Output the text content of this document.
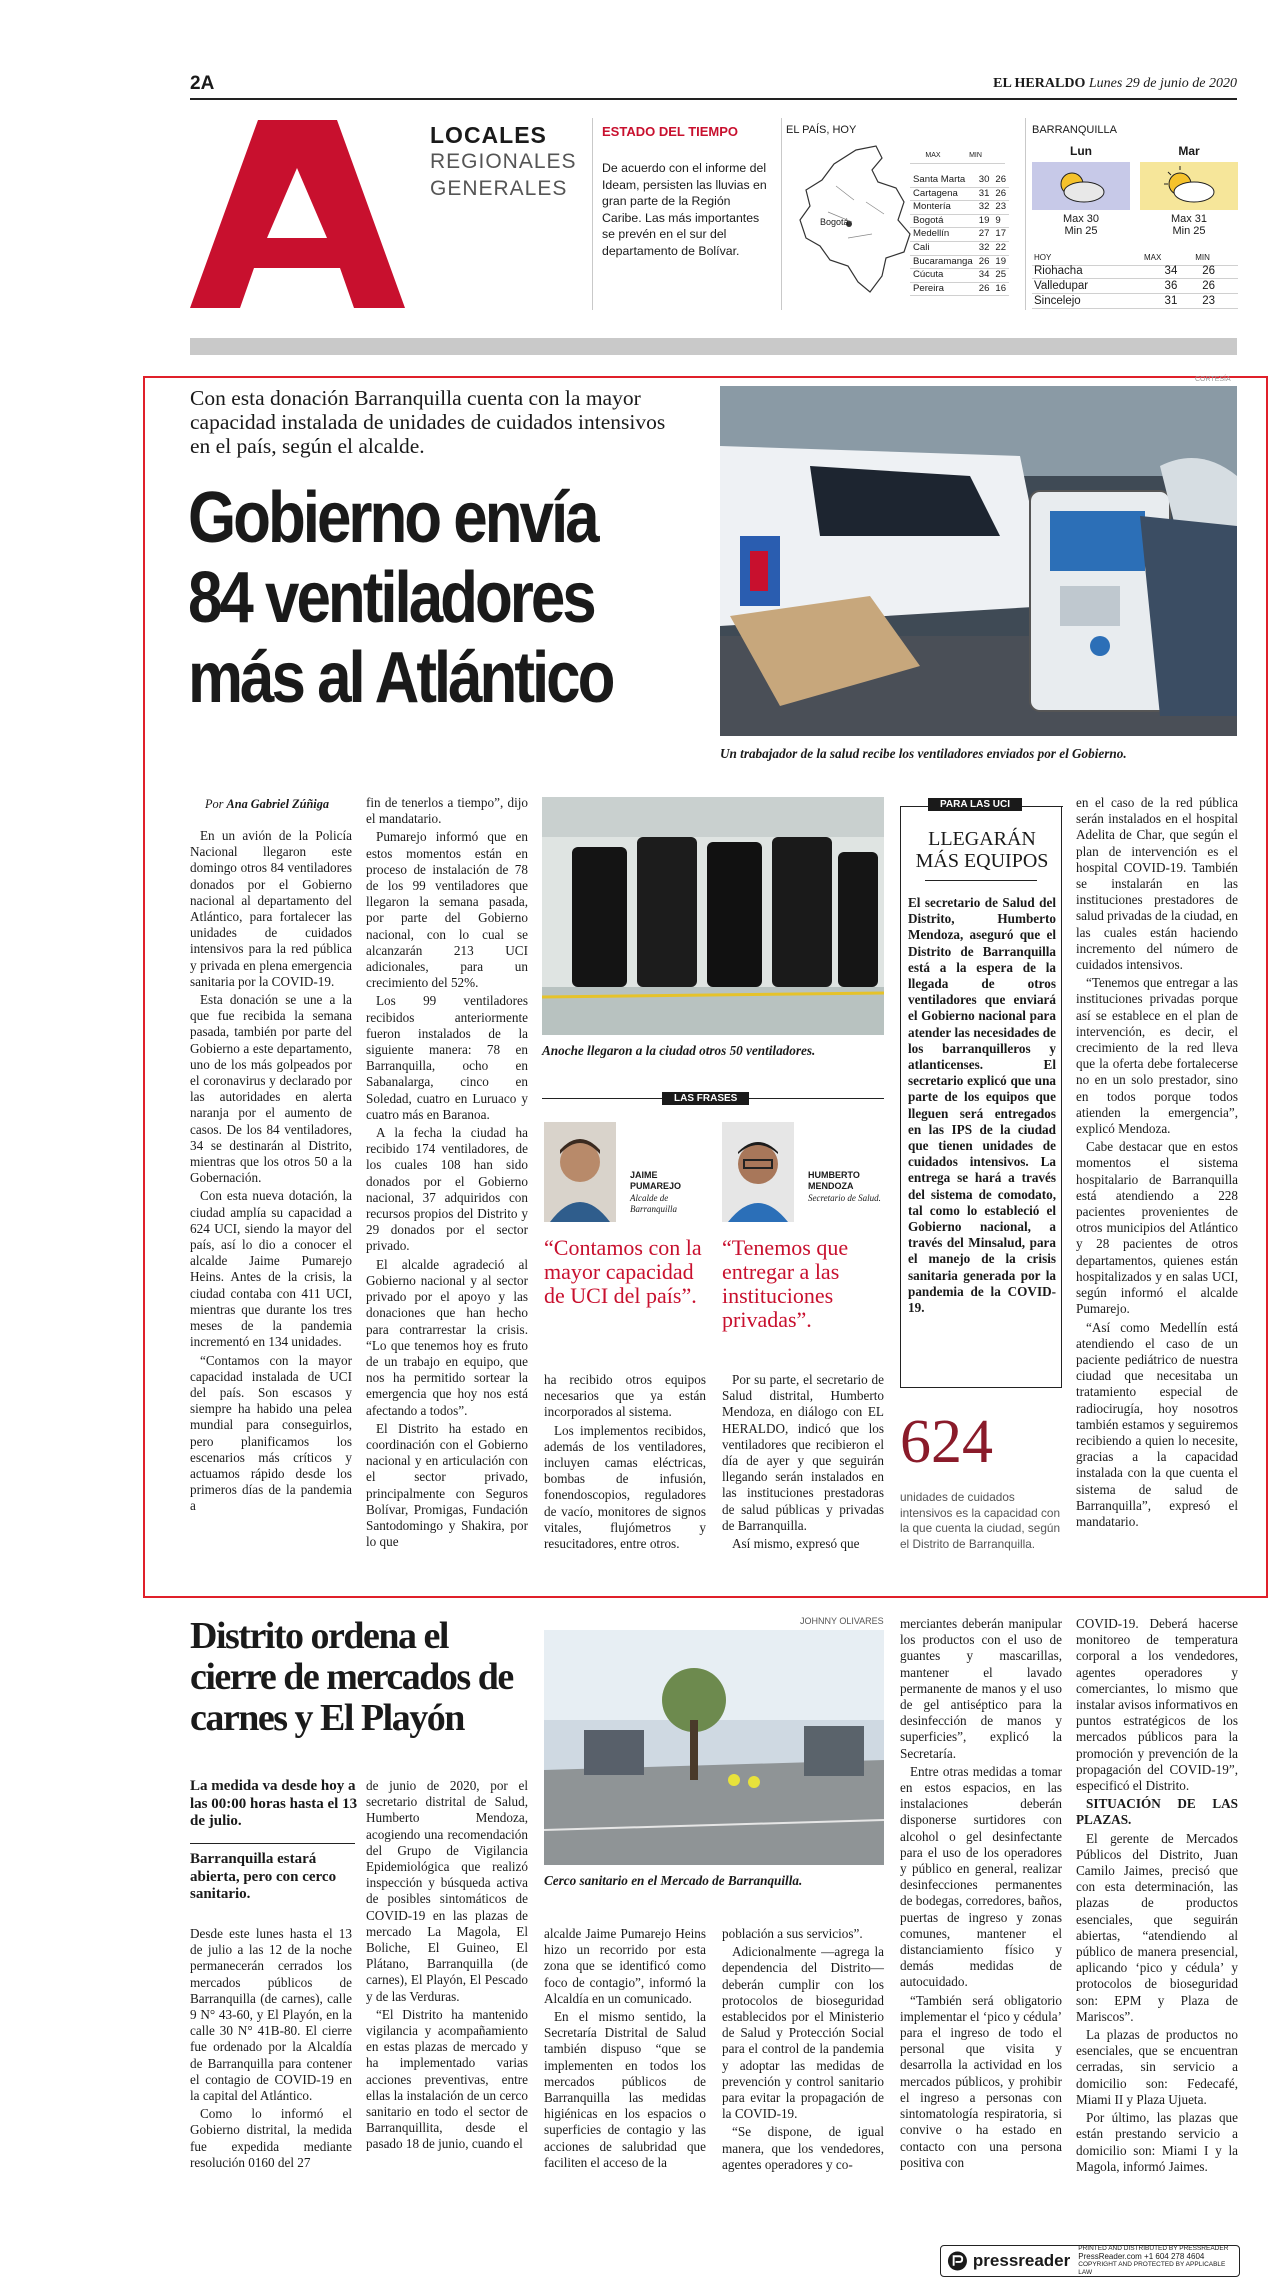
2A	EL HERALDO Lunes 29 de junio de 2020
LOCALES
REGIONALES
GENERALES
ESTADO DEL TIEMPO
De acuerdo con el informe del Ideam, persisten las lluvias en gran parte de la Región Caribe. Las más importantes se prevén en el sur del departamento de Bolívar.
EL PAÍS, HOY
Bogotá
	MAX	MIN
Santa Marta	30	26
Cartagena	31	26
Montería	32	23
Bogotá	19	9
Medellín	27	17
Cali	32	22
Bucaramanga	26	19
Cúcuta	34	25
Pereira	26	16
BARRANQUILLA
Lun
Max 30
Min 25
Mar
Max 31
Min 25
HOY	MAX	MIN
Riohacha	34	26
Valledupar	36	26
Sincelejo	31	23
Con esta donación Barranquilla cuenta con la mayor capacidad instalada de unidades de cuidados intensivos en el país, según el alcalde.
Gobierno envía
84 ventiladores
más al Atlántico
CORTESÍA
Un trabajador de la salud recibe los ventiladores enviados por el Gobierno.
Por Ana Gabriel Zúñiga

En un avión de la Policía Nacional llegaron este domingo otros 84 ventiladores donados por el Gobierno nacional al departamento del Atlántico, para fortalecer las unidades de cuidados intensivos para la red pública y privada en plena emergencia sanitaria por la COVID-19.

Esta donación se une a la que fue recibida la semana pasada, también por parte del Gobierno a este departamento, uno de los más golpeados por el coronavirus y declarado por las autoridades en alerta naranja por el aumento de casos. De los 84 ventiladores, 34 se destinarán al Distrito, mientras que los otros 50 a la Gobernación.

Con esta nueva dotación, la ciudad amplía su capacidad a 624 UCI, siendo la mayor del país, así lo dio a conocer el alcalde Jaime Pumarejo Heins. Antes de la crisis, la ciudad contaba con 411 UCI, mientras que durante los tres meses de la pandemia incrementó en 134 unidades.

“Contamos con la mayor capacidad instalada de UCI del país. Son escasos y siempre ha habido una pelea mundial para conseguirlos, pero planificamos los escenarios más críticos y actuamos rápido desde los primeros días de la pandemia a

fin de tenerlos a tiempo”, dijo el mandatario.

Pumarejo informó que en estos momentos están en proceso de instalación de 78 de los 99 ventiladores que llegaron la semana pasada, por parte del Gobierno nacional, con lo cual se alcanzarán 213 UCI adicionales, para un crecimiento del 52%.

Los 99 ventiladores recibidos anteriormente fueron instalados de la siguiente manera: 78 en Barranquilla, ocho en Sabanalarga, cinco en Soledad, cuatro en Luruaco y cuatro más en Baranoa.

A la fecha la ciudad ha recibido 174 ventiladores, de los cuales 108 han sido donados por el Gobierno nacional, 37 adquiridos con recursos propios del Distrito y 29 donados por el sector privado.

El alcalde agradeció al Gobierno nacional y al sector privado por el apoyo y las donaciones que han hecho para contrarrestar la crisis. “Lo que tenemos hoy es fruto de un trabajo en equipo, que nos ha permitido sortear la emergencia que hoy nos está afectando a todos”.

El Distrito ha estado en coordinación con el Gobierno nacional y en articulación con el sector privado, principalmente con Seguros Bolívar, Promigas, Fundación Santodomingo y Shakira, por lo que

Anoche llegaron a la ciudad otros 50 ventiladores.
LAS FRASES
JAIME PUMAREJO
Alcalde de Barranquilla
“Contamos con la mayor capacidad de UCI del país”.
HUMBERTO MENDOZA
Secretario de Salud.
“Tenemos que entregar a las instituciones privadas”.

ha recibido otros equipos necesarios que ya están incorporados al sistema.

Los implementos recibidos, además de los ventiladores, incluyen camas eléctricas, bombas de infusión, fonendoscopios, reguladores de vacío, monitores de signos vitales, flujómetros y resucitadores, entre otros.

Por su parte, el secretario de Salud distrital, Humberto Mendoza, en diálogo con EL HERALDO, indicó que los ventiladores que recibieron el día de ayer y que seguirán llegando serán instalados en las instituciones prestadoras de salud públicas y privadas de Barranquilla.

Así mismo, expresó que

PARA LAS UCI
LLEGARÁN MÁS EQUIPOS
El secretario de Salud del Distrito, Humberto Mendoza, aseguró que el Distrito de Barranquilla está a la espera de la llegada de otros ventiladores que enviará el Gobierno nacional para atender las necesidades de los barranquilleros y atlanticenses. El secretario explicó que una parte de los equipos que lleguen será entregados en las IPS de la ciudad que tienen unidades de cuidados intensivos. La entrega se hará a través del sistema de comodato, tal como lo estableció el Gobierno nacional, a través del Minsalud, para el manejo de la crisis sanitaria generada por la pandemia de la COVID-19.
624
unidades de cuidados intensivos es la capacidad con la que cuenta la ciudad, según el Distrito de Barranquilla.

en el caso de la red pública serán instalados en el hospital Adelita de Char, que según el plan de intervención es el hospital COVID-19. También se instalarán en las instituciones prestadores de salud privadas de la ciudad, en las cuales están haciendo incremento del número de cuidados intensivos.

“Tenemos que entregar a las instituciones privadas porque así se establece en el plan de intervención, es decir, el crecimiento de la red lleva que la oferta debe fortalecerse no en un solo prestador, sino en todos porque todos atienden la emergencia”, explicó Mendoza.

Cabe destacar que en estos momentos el sistema hospitalario de Barranquilla está atendiendo a 228 pacientes provenientes de otros municipios del Atlántico y 28 pacientes de otros departamentos, quienes están hospitalizados y en salas UCI, según informó el alcalde Pumarejo.

“Así como Medellín está atendiendo el caso de un paciente pediátrico de nuestra ciudad que necesitaba un tratamiento especial de radiocirugía, hoy nosotros también estamos y seguiremos recibiendo a quien lo necesite, gracias a la capacidad instalada con la que cuenta el sistema de salud de Barranquilla”, expresó el mandatario.

Distrito ordena el cierre de mercados de carnes y El Playón
La medida va desde hoy a las 00:00 horas hasta el 13 de julio.
Barranquilla estará abierta, pero con cerco sanitario.

Desde este lunes hasta el 13 de julio a las 12 de la noche permanecerán cerrados los mercados públicos de Barranquilla (de carnes), calle 9 N° 43-60, y El Playón, en la calle 30 N° 41B-80. El cierre fue ordenado por la Alcaldía de Barranquilla para contener el contagio de COVID-19 en la capital del Atlántico.

Como lo informó el Gobierno distrital, la medida fue expedida mediante resolución 0160 del 27

de junio de 2020, por el secretario distrital de Salud, Humberto Mendoza, acogiendo una recomendación del Grupo de Vigilancia Epidemiológica que realizó inspección y búsqueda activa de posibles sintomáticos de COVID-19 en las plazas de mercado La Magola, El Boliche, El Guineo, El Plátano, Barranquilla (de carnes), El Playón, El Pescado y de las Verduras.

“El Distrito ha mantenido vigilancia y acompañamiento en estas plazas de mercado y ha implementado varias acciones preventivas, entre ellas la instalación de un cerco sanitario en todo el sector de Barranquillita, desde el pasado 18 de junio, cuando el

JOHNNY OLIVARES
Cerco sanitario en el Mercado de Barranquilla.

alcalde Jaime Pumarejo Heins hizo un recorrido por esta zona que se identificó como foco de contagio”, informó la Alcaldía en un comunicado.

En el mismo sentido, la Secretaría Distrital de Salud también dispuso “que se implementen en todos los mercados públicos de Barranquilla las medidas higiénicas en los espacios o superficies de contagio y las acciones de salubridad que faciliten el acceso de la

población a sus servicios”.

Adicionalmente —agrega la dependencia del Distrito— deberán cumplir con los protocolos de bioseguridad establecidos por el Ministerio de Salud y Protección Social para el control de la pandemia y adoptar las medidas de prevención y control sanitario para evitar la propagación de la COVID-19.

“Se dispone, de igual manera, que los vendedores, agentes operadores y co-

merciantes deberán manipular los productos con el uso de guantes y mascarillas, mantener el lavado permanente de manos y el uso de gel antiséptico para la desinfección de manos y superficies”, explicó la Secretaría.

Entre otras medidas a tomar en estos espacios, en las instalaciones deberán disponerse surtidores con alcohol o gel desinfectante para el uso de los operadores y público en general, realizar desinfecciones permanentes de bodegas, corredores, baños, puertas de ingreso y zonas comunes, mantener el distanciamiento físico y demás medidas de autocuidado.

“También será obligatorio implementar el ‘pico y cédula’ para el ingreso de todo el personal que visita y desarrolla la actividad en los mercados públicos, y prohibir el ingreso a personas con sintomatología respiratoria, si convive o ha estado en contacto con una persona positiva con

COVID-19. Deberá hacerse monitoreo de temperatura corporal a los vendedores, agentes operadores y comerciantes, lo mismo que instalar avisos informativos en puntos estratégicos de los mercados públicos para la promoción y prevención de la propagación del COVID-19”, especificó el Distrito.

SITUACIÓN DE LAS PLAZAS.

El gerente de Mercados Públicos del Distrito, Juan Camilo Jaimes, precisó que con esta determinación, las plazas de productos esenciales, que seguirán abiertas, “atendiendo al público de manera presencial, aplicando ‘pico y cédula’ y protocolos de bioseguridad son: EPM y Plaza de Mariscos”.

La plazas de productos no esenciales, que se encuentran cerradas, sin servicio a domicilio son: Fedecafé, Miami II y Plaza Ujueta.

Por último, las plazas que están prestando servicio a domicilio son: Miami I y la Magola, informó Jaimes.

pressreader
PRINTED AND DISTRIBUTED BY PRESSREADER
PressReader.com +1 604 278 4604
COPYRIGHT AND PROTECTED BY APPLICABLE LAW
